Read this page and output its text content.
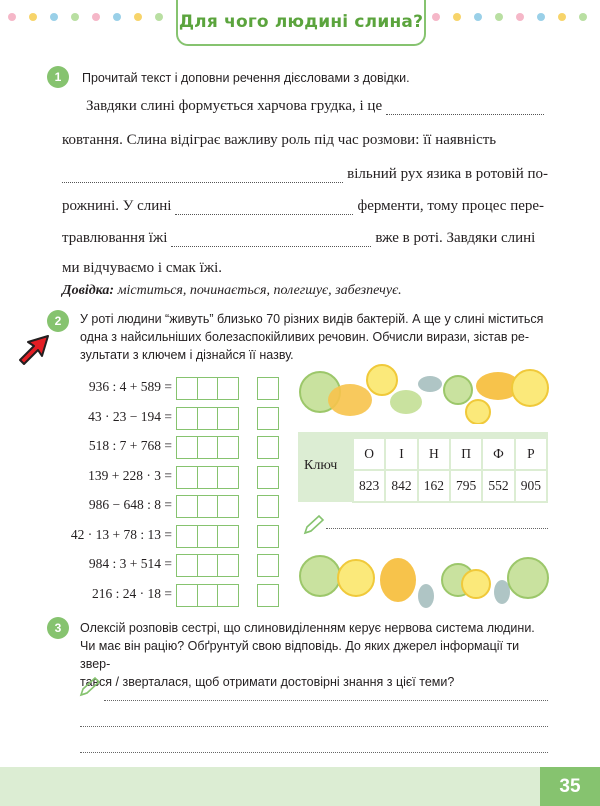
Для чого людині слина?
1 Прочитай текст і доповни речення дієсловами з довідки.
Завдяки слині формується харчова грудка, і це
ковтання. Слина відіграє важливу роль під час розмови: її наявність
вільний рух язика в ротовій по-
рожнині. У слині	ферменти, тому процес пере-
травлювання їжі	вже в роті. Завдяки слині
ми відчуваємо і смак їжі.
Довідка: міститься, починається, полегшує, забезпечує.
2 У роті людини “живуть” близько 70 різних видів бактерій. А ще у слині міститься
одна з найсильніших болезаспокійливих речовин. Обчисли вирази, зістав ре-
зультати з ключем і дізнайся її назву.
936 : 4 + 589 =
43 · 23 − 194 =
518 : 7 + 768 =
139 + 228 · 3 =
986 − 648 : 8 =
42 · 13 + 78 : 13 =
984 : 3 + 514 =
216 : 24 · 18 =
Ключ
О	І	Н	П	Ф	Р
823	842	162	795	552	905
3 Олексій розповів сестрі, що слиновиділенням керує нервова система людини.
Чи має він рацію? Обґрунтуй свою відповідь. До яких джерел інформації ти звер-
тався / зверталася, щоб отримати достовірні знання з цієї теми?
35
